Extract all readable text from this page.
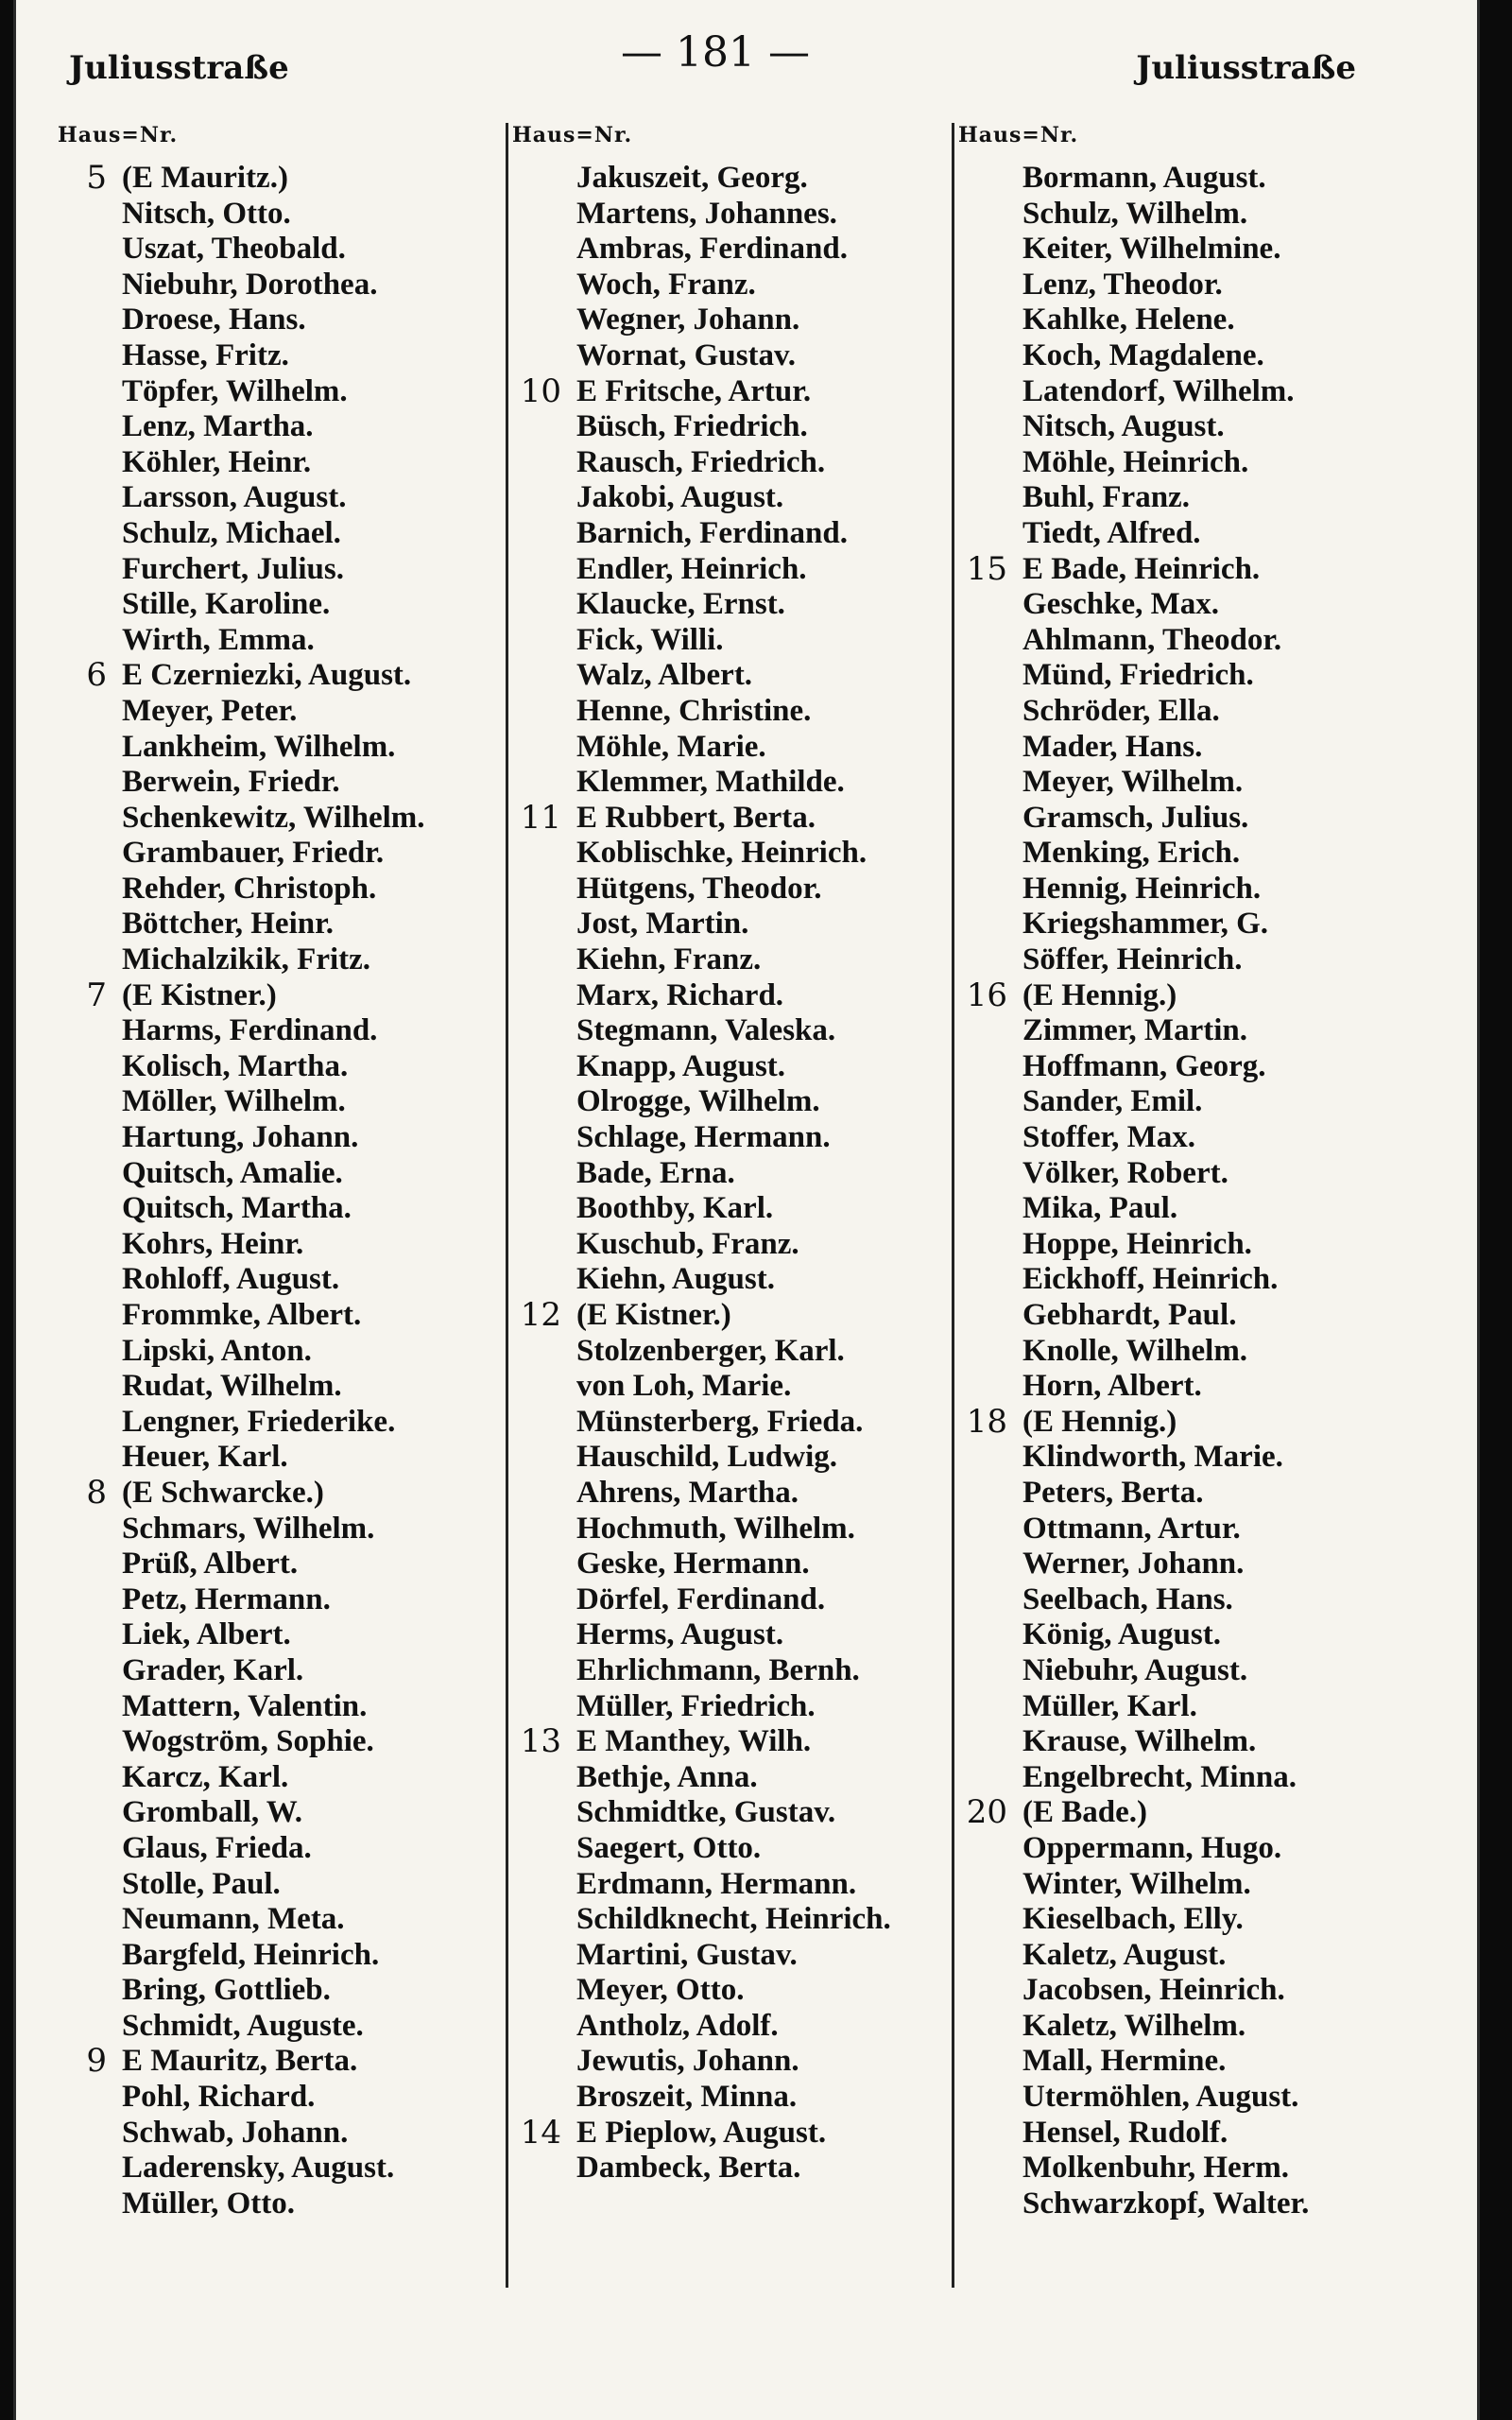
Juliusstraße	— 181 —	Juliusstraße
Haus=Nr.
5 (E Mauritz.)
Nitsch, Otto.
Uszat, Theobald.
Niebuhr, Dorothea.
Droese, Hans.
Hasse, Fritz.
Töpfer, Wilhelm.
Lenz, Martha.
Köhler, Heinr.
Larsson, August.
Schulz, Michael.
Furchert, Julius.
Stille, Karoline.
Wirth, Emma.
6 E Czerniezki, August.
Meyer, Peter.
Lankheim, Wilhelm.
Berwein, Friedr.
Schenkewitz, Wilhelm.
Grambauer, Friedr.
Rehder, Christoph.
Böttcher, Heinr.
Michalzikik, Fritz.
7 (E Kistner.)
Harms, Ferdinand.
Kolisch, Martha.
Möller, Wilhelm.
Hartung, Johann.
Quitsch, Amalie.
Quitsch, Martha.
Kohrs, Heinr.
Rohloff, August.
Frommke, Albert.
Lipski, Anton.
Rudat, Wilhelm.
Lengner, Friederike.
Heuer, Karl.
8 (E Schwarcke.)
Schmars, Wilhelm.
Prüß, Albert.
Petz, Hermann.
Liek, Albert.
Grader, Karl.
Mattern, Valentin.
Wogström, Sophie.
Karcz, Karl.
Gromball, W.
Glaus, Frieda.
Stolle, Paul.
Neumann, Meta.
Bargfeld, Heinrich.
Bring, Gottlieb.
Schmidt, Auguste.
9 E Mauritz, Berta.
Pohl, Richard.
Schwab, Johann.
Laderensky, August.
Müller, Otto.
Haus=Nr.
Jakuszeit, Georg.
Martens, Johannes.
Ambras, Ferdinand.
Woch, Franz.
Wegner, Johann.
Wornat, Gustav.
10 E Fritsche, Artur.
Büsch, Friedrich.
Rausch, Friedrich.
Jakobi, August.
Barnich, Ferdinand.
Endler, Heinrich.
Klaucke, Ernst.
Fick, Willi.
Walz, Albert.
Henne, Christine.
Möhle, Marie.
Klemmer, Mathilde.
11 E Rubbert, Berta.
Koblischke, Heinrich.
Hütgens, Theodor.
Jost, Martin.
Kiehn, Franz.
Marx, Richard.
Stegmann, Valeska.
Knapp, August.
Olrogge, Wilhelm.
Schlage, Hermann.
Bade, Erna.
Boothby, Karl.
Kuschub, Franz.
Kiehn, August.
12 (E Kistner.)
Stolzenberger, Karl.
von Loh, Marie.
Münsterberg, Frieda.
Hauschild, Ludwig.
Ahrens, Martha.
Hochmuth, Wilhelm.
Geske, Hermann.
Dörfel, Ferdinand.
Herms, August.
Ehrlichmann, Bernh.
Müller, Friedrich.
13 E Manthey, Wilh.
Bethje, Anna.
Schmidtke, Gustav.
Saegert, Otto.
Erdmann, Hermann.
Schildknecht, Heinrich.
Martini, Gustav.
Meyer, Otto.
Antholz, Adolf.
Jewutis, Johann.
Broszeit, Minna.
14 E Pieplow, August.
Dambeck, Berta.
Haus=Nr.
Bormann, August.
Schulz, Wilhelm.
Keiter, Wilhelmine.
Lenz, Theodor.
Kahlke, Helene.
Koch, Magdalene.
Latendorf, Wilhelm.
Nitsch, August.
Möhle, Heinrich.
Buhl, Franz.
Tiedt, Alfred.
15 E Bade, Heinrich.
Geschke, Max.
Ahlmann, Theodor.
Münd, Friedrich.
Schröder, Ella.
Mader, Hans.
Meyer, Wilhelm.
Gramsch, Julius.
Menking, Erich.
Hennig, Heinrich.
Kriegshammer, G.
Söffer, Heinrich.
16 (E Hennig.)
Zimmer, Martin.
Hoffmann, Georg.
Sander, Emil.
Stoffer, Max.
Völker, Robert.
Mika, Paul.
Hoppe, Heinrich.
Eickhoff, Heinrich.
Gebhardt, Paul.
Knolle, Wilhelm.
Horn, Albert.
18 (E Hennig.)
Klindworth, Marie.
Peters, Berta.
Ottmann, Artur.
Werner, Johann.
Seelbach, Hans.
König, August.
Niebuhr, August.
Müller, Karl.
Krause, Wilhelm.
Engelbrecht, Minna.
20 (E Bade.)
Oppermann, Hugo.
Winter, Wilhelm.
Kieselbach, Elly.
Kaletz, August.
Jacobsen, Heinrich.
Kaletz, Wilhelm.
Mall, Hermine.
Utermöhlen, August.
Hensel, Rudolf.
Molkenbuhr, Herm.
Schwarzkopf, Walter.
